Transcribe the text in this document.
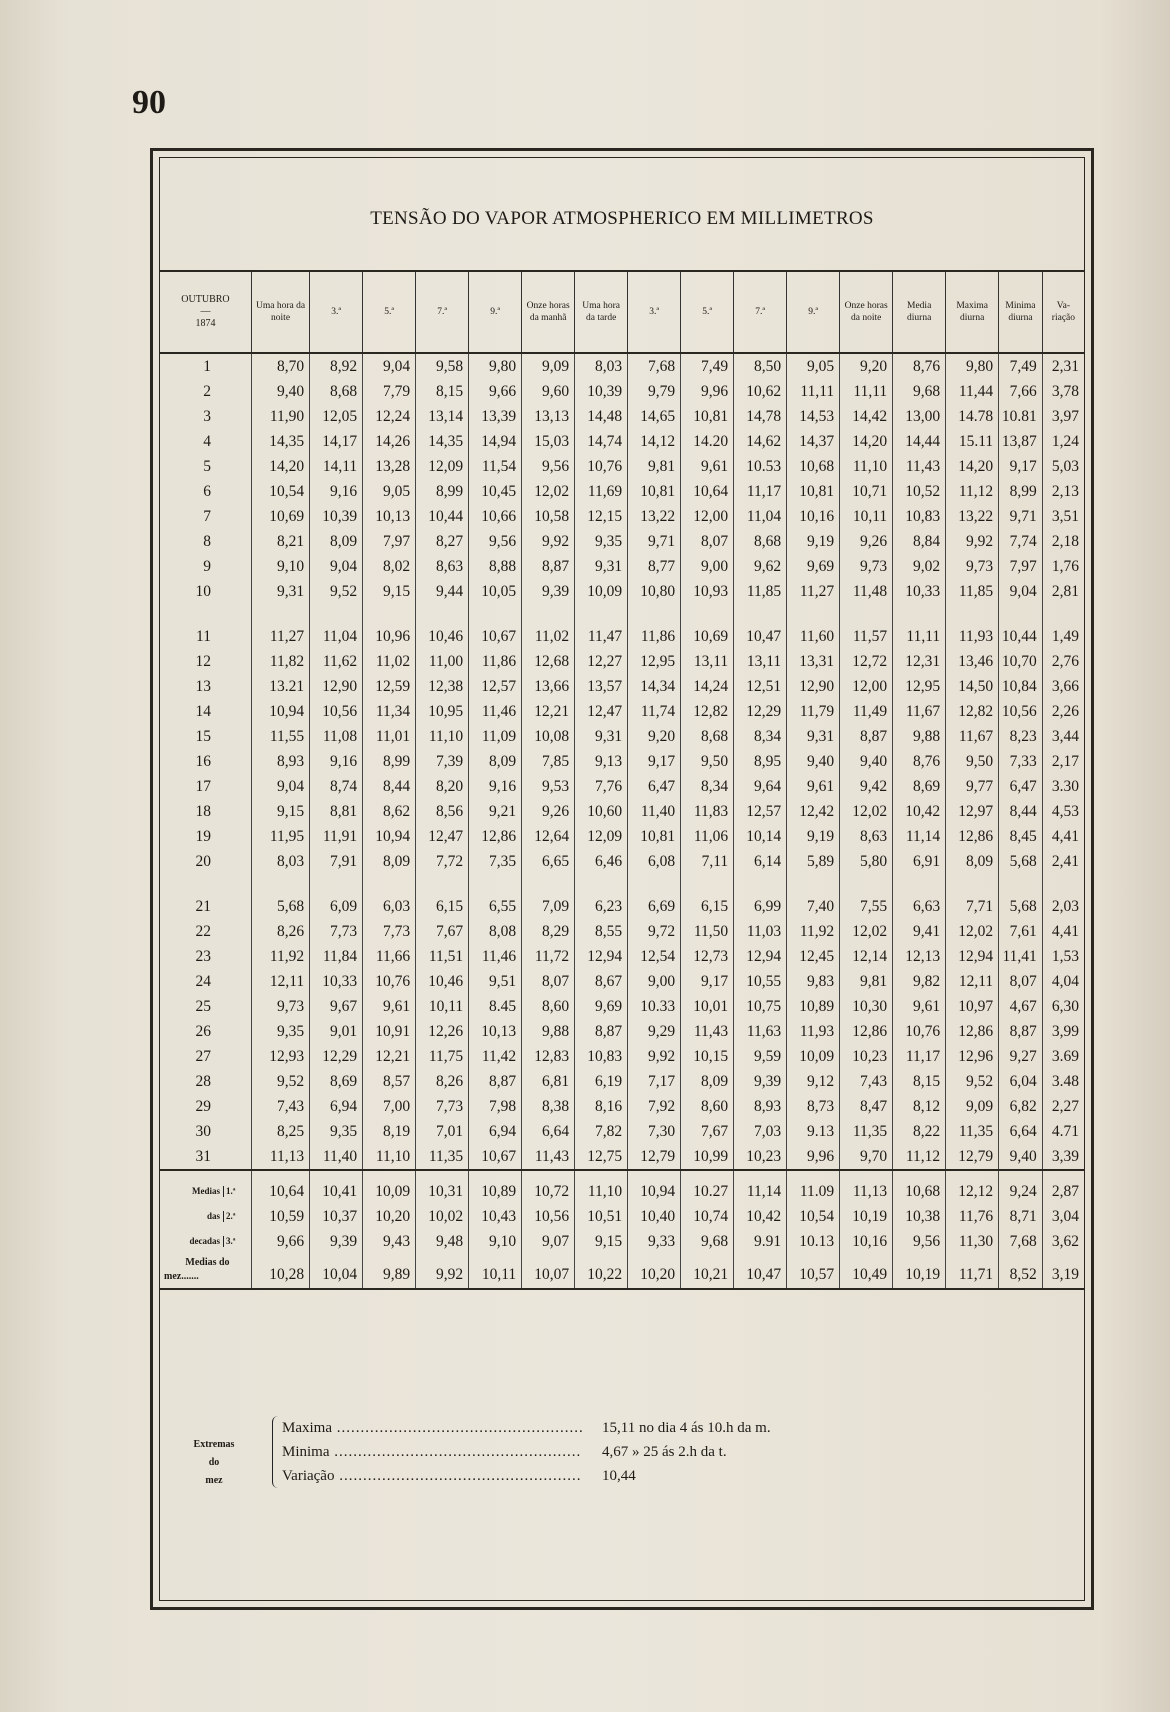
90
TENSÃO DO VAPOR ATMOSPHERICO EM MILLIMETROS
OUTUBRO
—
1874	Uma hora da noite	3.ª	5.ª	7.ª	9.ª	Onze horas da manhã	Uma hora da tarde	3.ª	5.ª	7.ª	9.ª	Onze horas da noite	Media diurna	Maxima diurna	Minima diurna	Va- riação
1	8,70	8,92	9,04	9,58	9,80	9,09	8,03	7,68	7,49	8,50	9,05	9,20	8,76	9,80	7,49	2,31
2	9,40	8,68	7,79	8,15	9,66	9,60	10,39	9,79	9,96	10,62	11,11	11,11	9,68	11,44	7,66	3,78
3	11,90	12,05	12,24	13,14	13,39	13,13	14,48	14,65	10,81	14,78	14,53	14,42	13,00	14.78	10.81	3,97
4	14,35	14,17	14,26	14,35	14,94	15,03	14,74	14,12	14.20	14,62	14,37	14,20	14,44	15.11	13,87	1,24
5	14,20	14,11	13,28	12,09	11,54	9,56	10,76	9,81	9,61	10.53	10,68	11,10	11,43	14,20	9,17	5,03
6	10,54	9,16	9,05	8,99	10,45	12,02	11,69	10,81	10,64	11,17	10,81	10,71	10,52	11,12	8,99	2,13
7	10,69	10,39	10,13	10,44	10,66	10,58	12,15	13,22	12,00	11,04	10,16	10,11	10,83	13,22	9,71	3,51
8	8,21	8,09	7,97	8,27	9,56	9,92	9,35	9,71	8,07	8,68	9,19	9,26	8,84	9,92	7,74	2,18
9	9,10	9,04	8,02	8,63	8,88	8,87	9,31	8,77	9,00	9,62	9,69	9,73	9,02	9,73	7,97	1,76
10	9,31	9,52	9,15	9,44	10,05	9,39	10,09	10,80	10,93	11,85	11,27	11,48	10,33	11,85	9,04	2,81

11	11,27	11,04	10,96	10,46	10,67	11,02	11,47	11,86	10,69	10,47	11,60	11,57	11,11	11,93	10,44	1,49
12	11,82	11,62	11,02	11,00	11,86	12,68	12,27	12,95	13,11	13,11	13,31	12,72	12,31	13,46	10,70	2,76
13	13.21	12,90	12,59	12,38	12,57	13,66	13,57	14,34	14,24	12,51	12,90	12,00	12,95	14,50	10,84	3,66
14	10,94	10,56	11,34	10,95	11,46	12,21	12,47	11,74	12,82	12,29	11,79	11,49	11,67	12,82	10,56	2,26
15	11,55	11,08	11,01	11,10	11,09	10,08	9,31	9,20	8,68	8,34	9,31	8,87	9,88	11,67	8,23	3,44
16	8,93	9,16	8,99	7,39	8,09	7,85	9,13	9,17	9,50	8,95	9,40	9,40	8,76	9,50	7,33	2,17
17	9,04	8,74	8,44	8,20	9,16	9,53	7,76	6,47	8,34	9,64	9,61	9,42	8,69	9,77	6,47	3.30
18	9,15	8,81	8,62	8,56	9,21	9,26	10,60	11,40	11,83	12,57	12,42	12,02	10,42	12,97	8,44	4,53
19	11,95	11,91	10,94	12,47	12,86	12,64	12,09	10,81	11,06	10,14	9,19	8,63	11,14	12,86	8,45	4,41
20	8,03	7,91	8,09	7,72	7,35	6,65	6,46	6,08	7,11	6,14	5,89	5,80	6,91	8,09	5,68	2,41

21	5,68	6,09	6,03	6,15	6,55	7,09	6,23	6,69	6,15	6,99	7,40	7,55	6,63	7,71	5,68	2,03
22	8,26	7,73	7,73	7,67	8,08	8,29	8,55	9,72	11,50	11,03	11,92	12,02	9,41	12,02	7,61	4,41
23	11,92	11,84	11,66	11,51	11,46	11,72	12,94	12,54	12,73	12,94	12,45	12,14	12,13	12,94	11,41	1,53
24	12,11	10,33	10,76	10,46	9,51	8,07	8,67	9,00	9,17	10,55	9,83	9,81	9,82	12,11	8,07	4,04
25	9,73	9,67	9,61	10,11	8.45	8,60	9,69	10.33	10,01	10,75	10,89	10,30	9,61	10,97	4,67	6,30
26	9,35	9,01	10,91	12,26	10,13	9,88	8,87	9,29	11,43	11,63	11,93	12,86	10,76	12,86	8,87	3,99
27	12,93	12,29	12,21	11,75	11,42	12,83	10,83	9,92	10,15	9,59	10,09	10,23	11,17	12,96	9,27	3.69
28	9,52	8,69	8,57	8,26	8,87	6,81	6,19	7,17	8,09	9,39	9,12	7,43	8,15	9,52	6,04	3.48
29	7,43	6,94	7,00	7,73	7,98	8,38	8,16	7,92	8,60	8,93	8,73	8,47	8,12	9,09	6,82	2,27
30	8,25	9,35	8,19	7,01	6,94	6,64	7,82	7,30	7,67	7,03	9.13	11,35	8,22	11,35	6,64	4.71
31	11,13	11,40	11,10	11,35	10,67	11,43	12,75	12,79	10,99	10,23	9,96	9,70	11,12	12,79	9,40	3,39

Medias 1.ª	10,64	10,41	10,09	10,31	10,89	10,72	11,10	10,94	10.27	11,14	11.09	11,13	10,68	12,12	9,24	2,87
das 2.ª	10,59	10,37	10,20	10,02	10,43	10,56	10,51	10,40	10,74	10,42	10,54	10,19	10,38	11,76	8,71	3,04
decadas 3.ª	9,66	9,39	9,43	9,48	9,10	9,07	9,15	9,33	9,68	9.91	10.13	10,16	9,56	11,30	7,68	3,62

Medias do
mez.......	10,28	10,04	9,89	9,92	10,11	10,07	10,22	10,20	10,21	10,47	10,57	10,49	10,19	11,71	8,52	3,19

Extremas
do
mez
Maxima .....	15,11 no dia 4 ás 10.h da m.
Minima .....	4,67 » 25 ás 2.h da t.
Variação .....	10,44
